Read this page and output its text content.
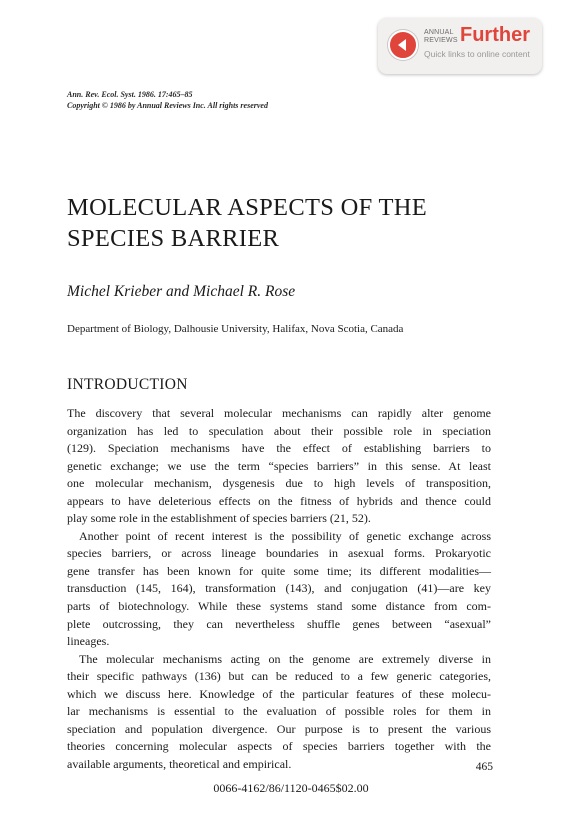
ANNUAL
REVIEWS Further
Quick links to online content
Ann. Rev. Ecol. Syst. 1986. 17:465–85
Copyright © 1986 by Annual Reviews Inc. All rights reserved
MOLECULAR ASPECTS OF THE
SPECIES BARRIER
Michel Krieber and Michael R. Rose
Department of Biology, Dalhousie University, Halifax, Nova Scotia, Canada
INTRODUCTION
The discovery that several molecular mechanisms can rapidly alter genome
organization has led to speculation about their possible role in speciation
(129). Speciation mechanisms have the effect of establishing barriers to
genetic exchange; we use the term “species barriers” in this sense. At least
one molecular mechanism, dysgenesis due to high levels of transposition,
appears to have deleterious effects on the fitness of hybrids and thence could
play some role in the establishment of species barriers (21, 52).
Another point of recent interest is the possibility of genetic exchange across
species barriers, or across lineage boundaries in asexual forms. Prokaryotic
gene transfer has been known for quite some time; its different modalities—
transduction (145, 164), transformation (143), and conjugation (41)—are key
parts of biotechnology. While these systems stand some distance from com-
plete outcrossing, they can nevertheless shuffle genes between “asexual”
lineages.
The molecular mechanisms acting on the genome are extremely diverse in
their specific pathways (136) but can be reduced to a few generic categories,
which we discuss here. Knowledge of the particular features of these molecu-
lar mechanisms is essential to the evaluation of possible roles for them in
speciation and population divergence. Our purpose is to present the various
theories concerning molecular aspects of species barriers together with the
available arguments, theoretical and empirical.	465
0066-4162/86/1120-0465$02.00
